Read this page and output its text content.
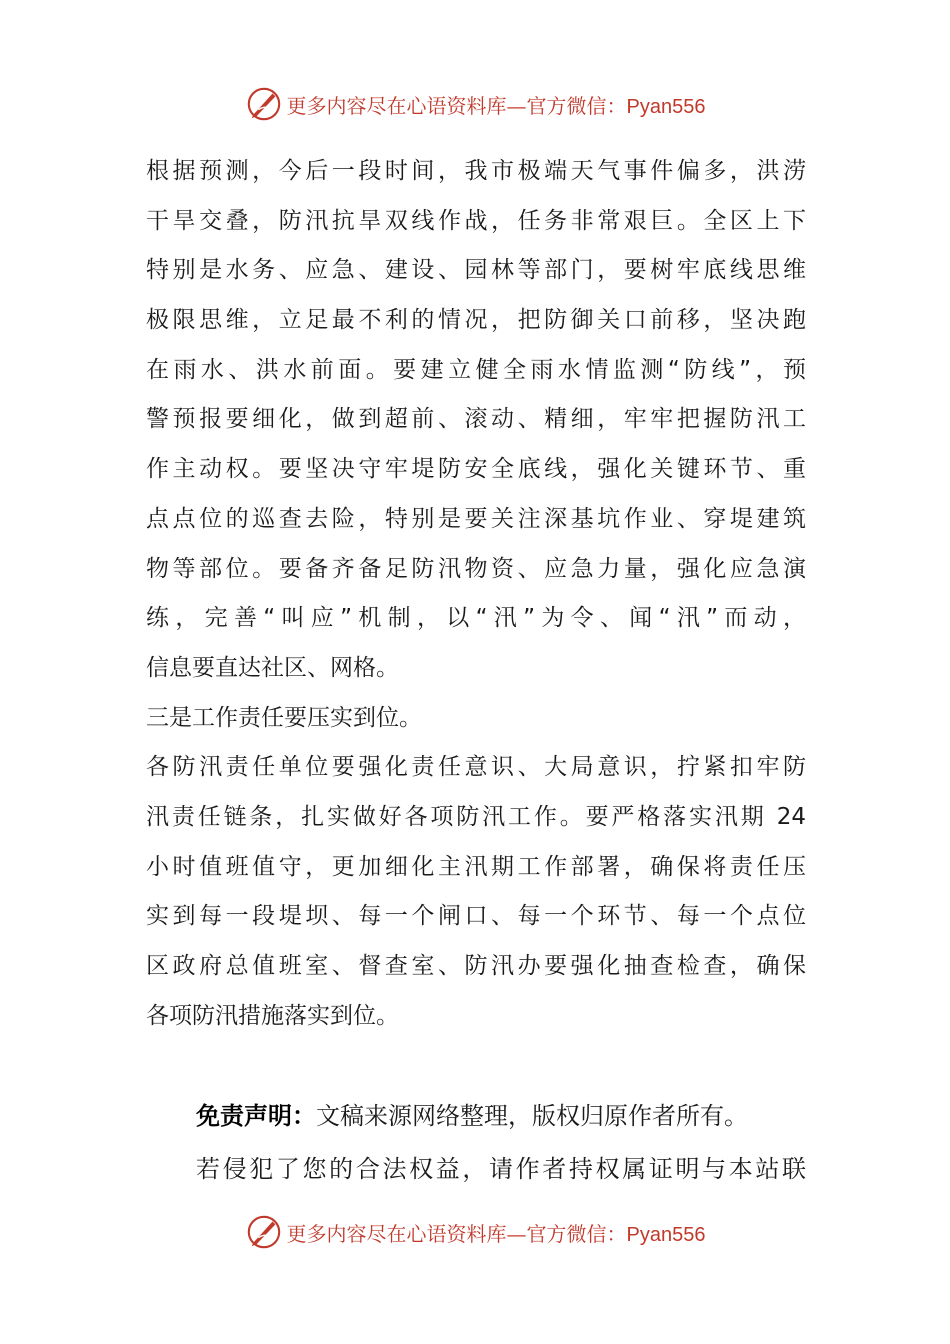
更多内容尽在心语资料库—官方微信：Pyan556
根据预测，今后一段时间，我市极端天气事件偏多，洪涝
干旱交叠，防汛抗旱双线作战，任务非常艰巨。全区上下
特别是水务、应急、建设、园林等部门，要树牢底线思维
极限思维，立足最不利的情况，把防御关口前移，坚决跑
在雨水、洪水前面。要建立健全雨水情监测“防线”，预
警预报要细化，做到超前、滚动、精细，牢牢把握防汛工
作主动权。要坚决守牢堤防安全底线，强化关键环节、重
点点位的巡查去险，特别是要关注深基坑作业、穿堤建筑
物等部位。要备齐备足防汛物资、应急力量，强化应急演
练，完善“叫应”机制，以“汛”为令、闻“汛”而动，
信息要直达社区、网格。
三是工作责任要压实到位。
各防汛责任单位要强化责任意识、大局意识，拧紧扣牢防
汛责任链条，扎实做好各项防汛工作。要严格落实汛期 24
小时值班值守，更加细化主汛期工作部署，确保将责任压
实到每一段堤坝、每一个闸口、每一个环节、每一个点位
区政府总值班室、督查室、防汛办要强化抽查检查，确保
各项防汛措施落实到位。
免责声明：文稿来源网络整理，版权归原作者所有。
若侵犯了您的合法权益，请作者持权属证明与本站联
更多内容尽在心语资料库—官方微信：Pyan556
